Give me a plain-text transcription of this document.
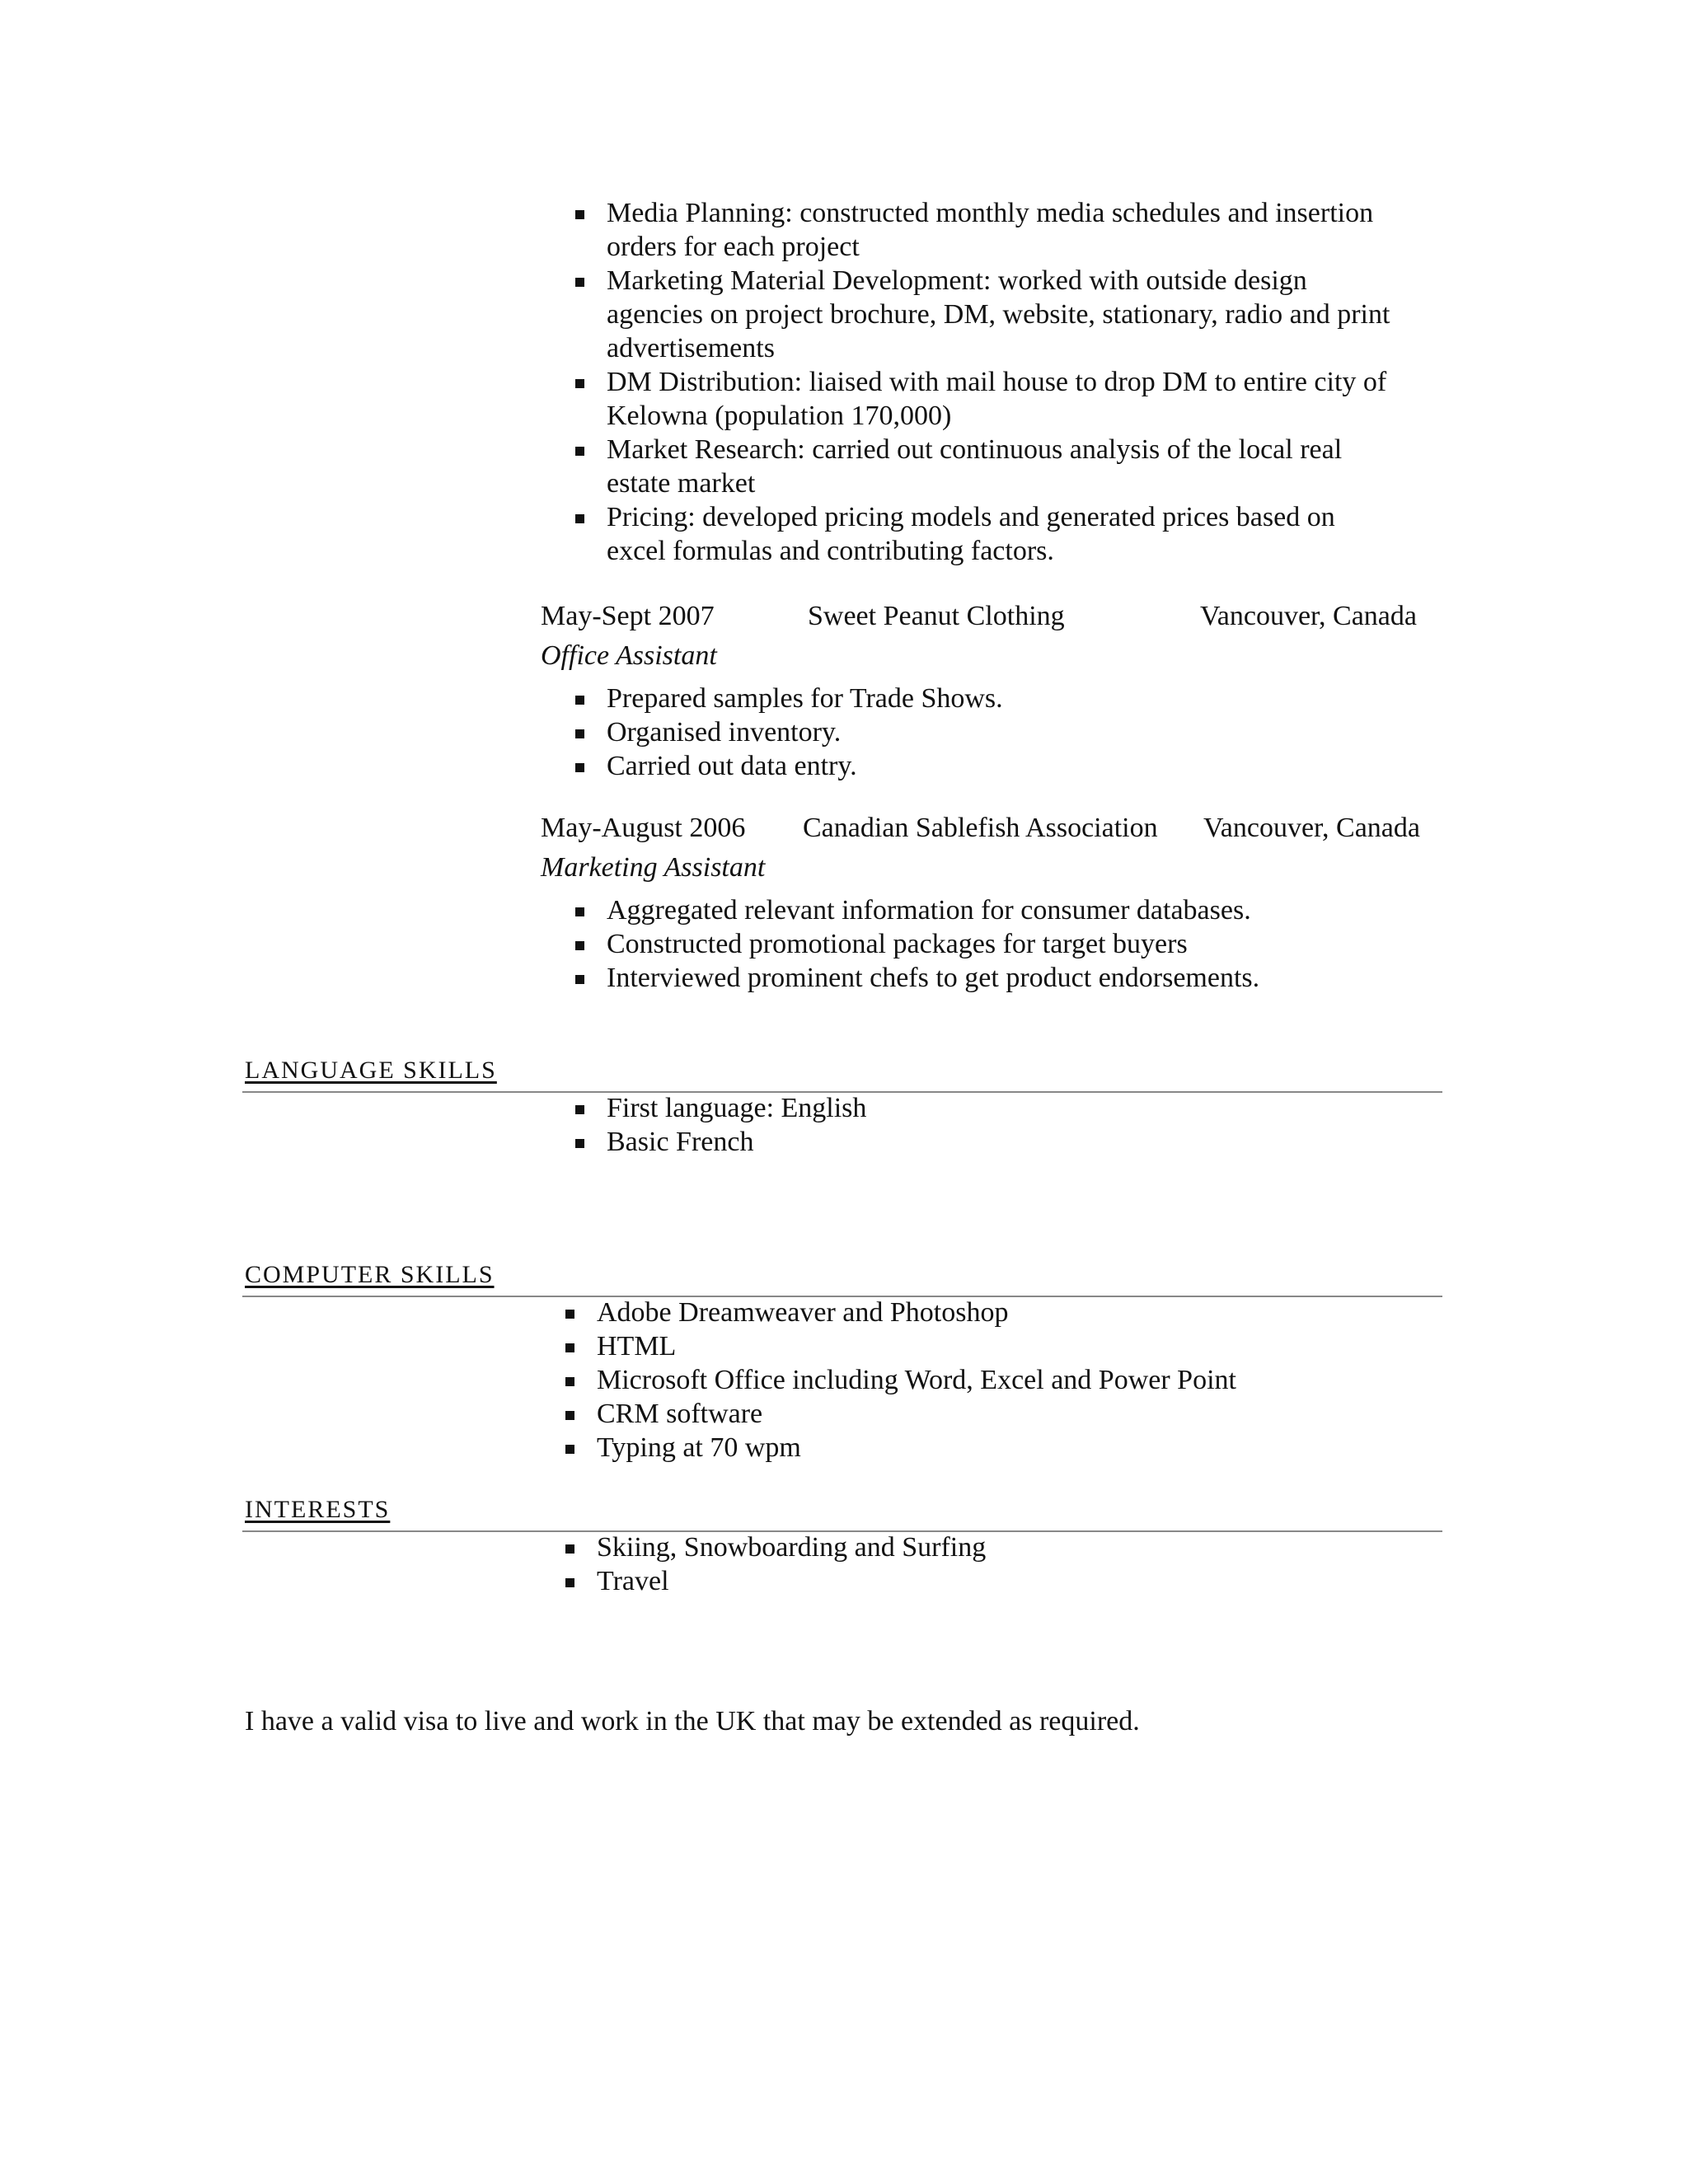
Media Planning: constructed monthly media schedules and insertion orders for each project
Marketing Material Development: worked with outside design agencies on project brochure, DM, website, stationary, radio and print advertisements
DM Distribution: liaised with mail house to drop DM to entire city of Kelowna (population 170,000)
Market Research: carried out continuous analysis of the local real estate market
Pricing: developed pricing models and generated prices based on excel formulas and contributing factors.
May-Sept 2007	Sweet Peanut Clothing	Vancouver, Canada
Office Assistant
Prepared samples for Trade Shows.
Organised inventory.
Carried out data entry.
May-August 2006 Canadian Sablefish Association Vancouver, Canada
Marketing Assistant
Aggregated relevant information for consumer databases.
Constructed promotional packages for target buyers
Interviewed prominent chefs to get product endorsements.
LANGUAGE SKILLS
First language: English
Basic French
COMPUTER SKILLS
Adobe Dreamweaver and Photoshop
HTML
Microsoft Office including Word, Excel and Power Point
CRM software
Typing at 70 wpm
INTERESTS
Skiing, Snowboarding and Surfing
Travel
I have a valid visa to live and work in the UK that may be extended as required.
